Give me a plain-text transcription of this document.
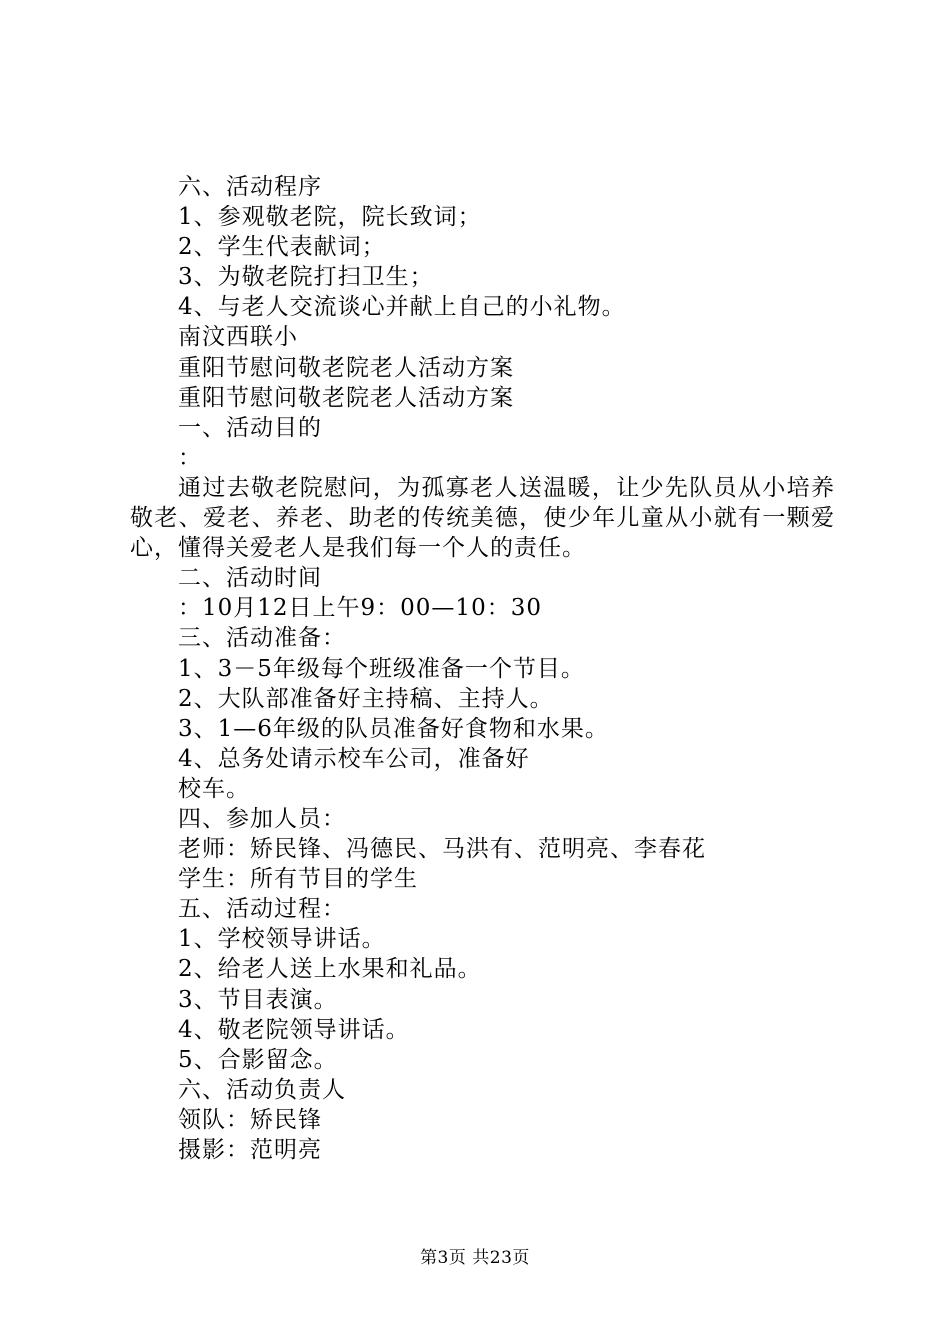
六、活动程序
1、参观敬老院，院长致词；
2、学生代表献词；
3、为敬老院打扫卫生；
4、与老人交流谈心并献上自己的小礼物。
南汶西联小
重阳节慰问敬老院老人活动方案
重阳节慰问敬老院老人活动方案
一、活动目的
：
通过去敬老院慰问，为孤寡老人送温暖，让少先队员从小培养敬老、爱老、养老、助老的传统美德，使少年儿童从小就有一颗爱心，懂得关爱老人是我们每一个人的责任。
二、活动时间
：10月12日上午9：00—10：30
三、活动准备：
1、3－5年级每个班级准备一个节目。
2、大队部准备好主持稿、主持人。
3、1—6年级的队员准备好食物和水果。
4、总务处请示校车公司，准备好
校车。
四、参加人员：
老师：矫民锋、冯德民、马洪有、范明亮、李春花
学生：所有节目的学生
五、活动过程：
1、学校领导讲话。
2、给老人送上水果和礼品。
3、节目表演。
4、敬老院领导讲话。
5、合影留念。
六、活动负责人
领队：矫民锋
摄影：范明亮
第3页 共23页
